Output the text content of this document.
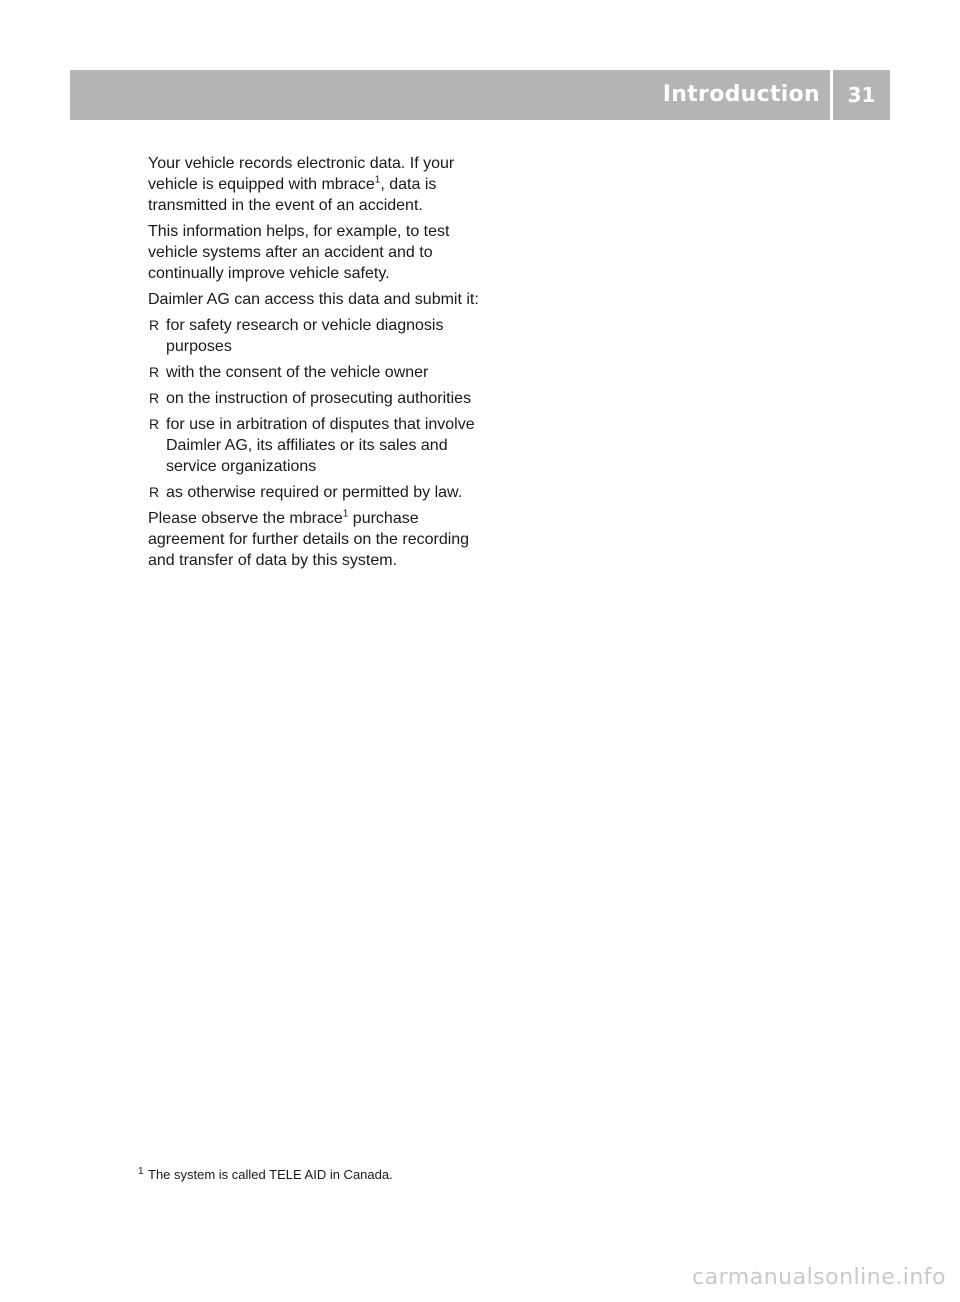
Introduction	31

Your vehicle records electronic data. If your vehicle is equipped with mbrace$^1$, data is transmitted in the event of an accident.

This information helps, for example, to test vehicle systems after an accident and to continually improve vehicle safety.

Daimler AG can access this data and submit it:

R for safety research or vehicle diagnosis purposes
R with the consent of the vehicle owner
R on the instruction of prosecuting authorities
R for use in arbitration of disputes that involve Daimler AG, its affiliates or its sales and service organizations
R as otherwise required or permitted by law.

Please observe the mbrace$^1$ purchase agreement for further details on the recording and transfer of data by this system.

1 The system is called TELE AID in Canada.
carmanualsonline.info
